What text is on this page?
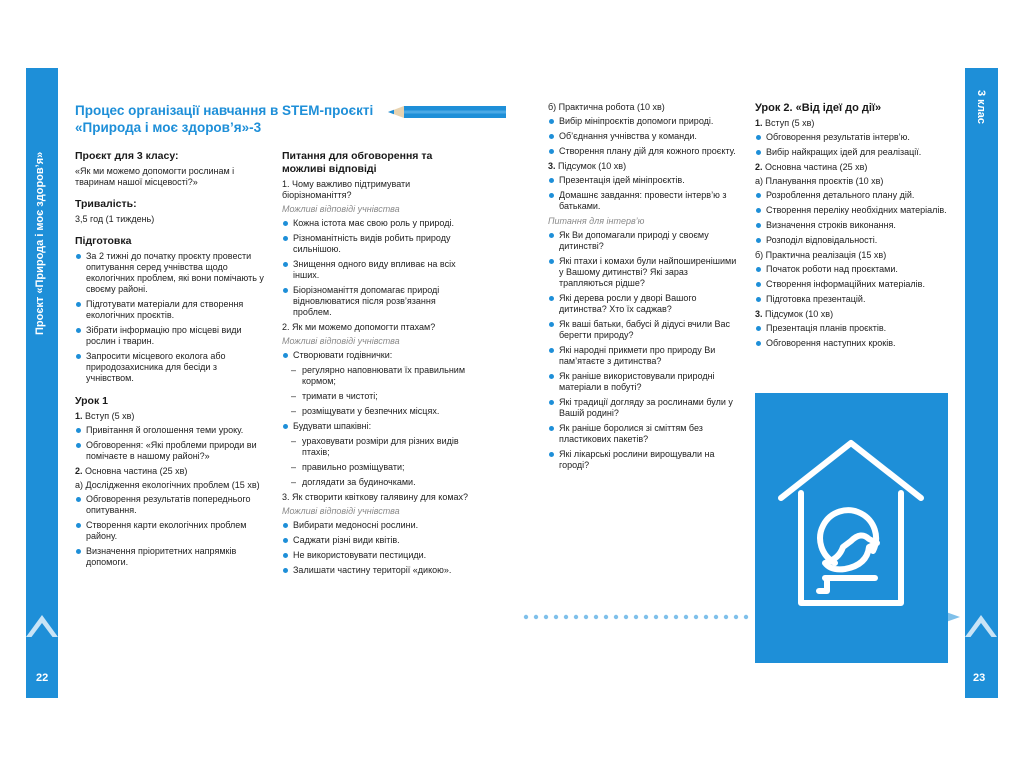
Проєкт «Природа і моє здоров’я»
3 клас
22	23
Процес організації навчання в STEM-проєкті «Природа і моє здоров’я»-3
Проєкт для 3 класу:
«Як ми можемо допомогти рослинам і тваринам нашої місцевості?»
Тривалість:
3,5 год (1 тиждень)
Підготовка
За 2 тижні до початку проєкту провести опитування серед учнівства щодо екологічних проблем, які вони помічають у своєму районі.
Підготувати матеріали для створення екологічних проєктів.
Зібрати інформацію про місцеві види рослин і тварин.
Запросити місцевого еколога або природозахисника для бесіди з учнівством.
Урок 1
1. Вступ (5 хв)
Привітання й оголошення теми уроку.
Обговорення: «Які проблеми природи ви помічаєте в нашому районі?»
2. Основна частина (25 хв)
а) Дослідження екологічних проблем (15 хв)
Обговорення результатів попереднього опитування.
Створення карти екологічних проблем району.
Визначення пріоритетних напрямків допомоги.
Питання для обговорення та можливі відповіді
1. Чому важливо підтримувати біорізноманіття?
Можливі відповіді учнівства
Кожна істота має свою роль у природі.
Різноманітність видів робить природу сильнішою.
Знищення одного виду впливає на всіх інших.
Біорізноманіття допомагає природі відновлюватися після розв’язання проблем.
2. Як ми можемо допомогти птахам?
Можливі відповіді учнівства
Створювати годівнички:
– регулярно наповнювати їх правильним кормом;
– тримати в чистоті;
– розміщувати у безпечних місцях.
Будувати шпаківні:
– ураховувати розміри для різних видів птахів;
– правильно розміщувати;
– доглядати за будиночками.
3. Як створити квіткову галявину для комах?
Можливі відповіді учнівства
Вибирати медоносні рослини.
Саджати різні види квітів.
Не використовувати пестициди.
Залишати частину території «дикою».
б) Практична робота (10 хв)
Вибір мініпроєктів допомоги природі.
Об’єднання учнівства у команди.
Створення плану дій для кожного проєкту.
3. Підсумок (10 хв)
Презентація ідей мініпроєктів.
Домашнє завдання: провести інтерв’ю з батьками.
Питання для інтерв’ю
Як Ви допомагали природі у своєму дитинстві?
Які птахи і комахи були найпоширенішими у Вашому дитинстві? Які зараз трапляються рідше?
Які дерева росли у дворі Вашого дитинства? Хто їх саджав?
Як ваші батьки, бабусі й дідусі вчили Вас берегти природу?
Які народні прикмети про природу Ви пам’ятаєте з дитинства?
Як раніше використовували природні матеріали в побуті?
Які традиції догляду за рослинами були у Вашій родині?
Як раніше боролися зі сміттям без пластикових пакетів?
Які лікарські рослини вирощували на городі?
Урок 2. «Від ідеї до дії»
1. Вступ (5 хв)
Обговорення результатів інтерв’ю.
Вибір найкращих ідей для реалізації.
2. Основна частина (25 хв)
а) Планування проєктів (10 хв)
Розроблення детального плану дій.
Створення переліку необхідних матеріалів.
Визначення строків виконання.
Розподіл відповідальності.
б) Практична реалізація (15 хв)
Початок роботи над проєктами.
Створення інформаційних матеріалів.
Підготовка презентацій.
3. Підсумок (10 хв)
Презентація планів проєктів.
Обговорення наступних кроків.
